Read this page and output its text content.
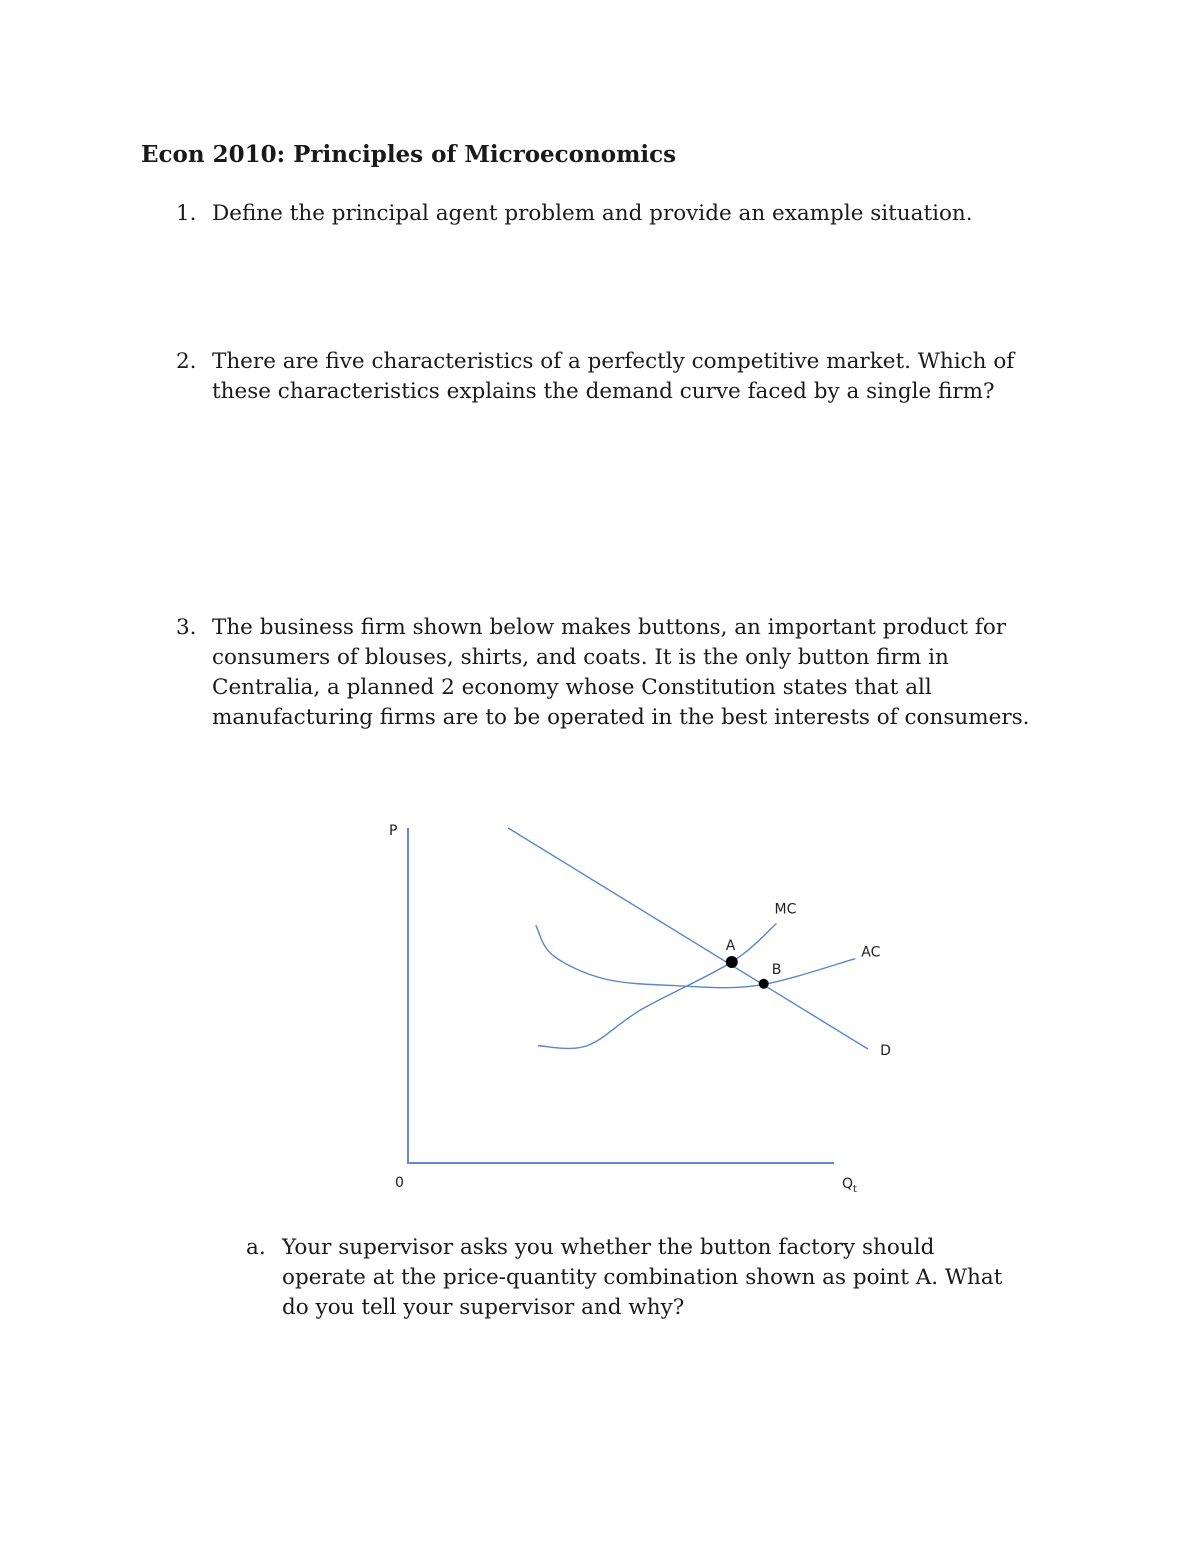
Econ 2010: Principles of Microeconomics
1. Define the principal agent problem and provide an example situation.
2. There are five characteristics of a perfectly competitive market. Which of these characteristics explains the demand curve faced by a single firm?
3. The business firm shown below makes buttons, an important product for consumers of blouses, shirts, and coats. It is the only button firm in Centralia, a planned 2 economy whose Constitution states that all manufacturing firms are to be operated in the best interests of consumers.
P
0	$Q_t$
D
AC
MC
A
B
a. Your supervisor asks you whether the button factory should operate at the price-quantity combination shown as point A. What do you tell your supervisor and why?
